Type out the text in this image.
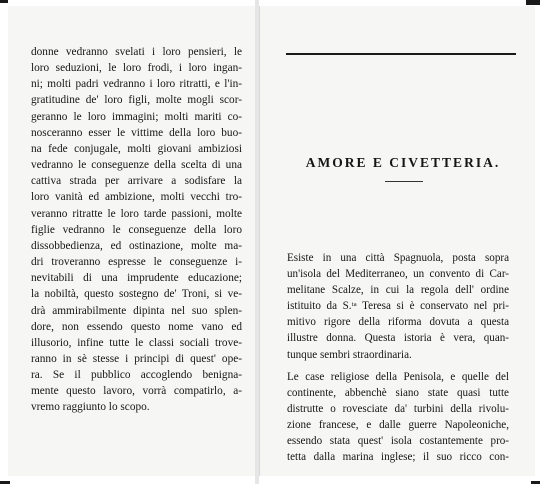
donne vedranno svelati i loro pensieri, le
loro seduzioni, le loro frodi, i loro ingan-
ni; molti padri vedranno i loro ritratti, e l'in-
gratitudine de' loro figli, molte mogli scor-
geranno le loro immagini; molti mariti co-
nosceranno esser le vittime della loro buo-
na fede conjugale, molti giovani ambiziosi
vedranno le conseguenze della scelta di una
cattiva strada per arrivare a sodisfare la
loro vanità ed ambizione, molti vecchi tro-
veranno ritratte le loro tarde passioni, molte
figlie vedranno le conseguenze della loro
dissobbedienza, ed ostinazione, molte ma-
dri troveranno espresse le conseguenze i-
nevitabili di una imprudente educazione;
la nobiltà, questo sostegno de' Troni, si ve-
drà ammirabilmente dipinta nel suo splen-
dore, non essendo questo nome vano ed
illusorio, infine tutte le classi sociali trove-
ranno in sè stesse i principi di quest' ope-
ra. Se il pubblico accoglendo benigna-
mente questo lavoro, vorrà compatirlo, a-
vremo raggiunto lo scopo.
AMORE E CIVETTERIA.
Esiste in una città Spagnuola, posta sopra
un'isola del Mediterraneo, un convento di Car-
melitane Scalze, in cui la regola dell' ordine
istituito da S.ᵗᵃ Teresa si è conservato nel pri-
mitivo rigore della riforma dovuta a questa
illustre donna. Questa istoria è vera, quan-
tunque sembri straordinaria.
Le case religiose della Penisola, e quelle del
continente, abbenchè siano state quasi tutte
distrutte o rovesciate da' turbini della rivolu-
zione francese, e dalle guerre Napoleoniche,
essendo stata quest' isola costantemente pro-
tetta dalla marina inglese; il suo ricco con-
